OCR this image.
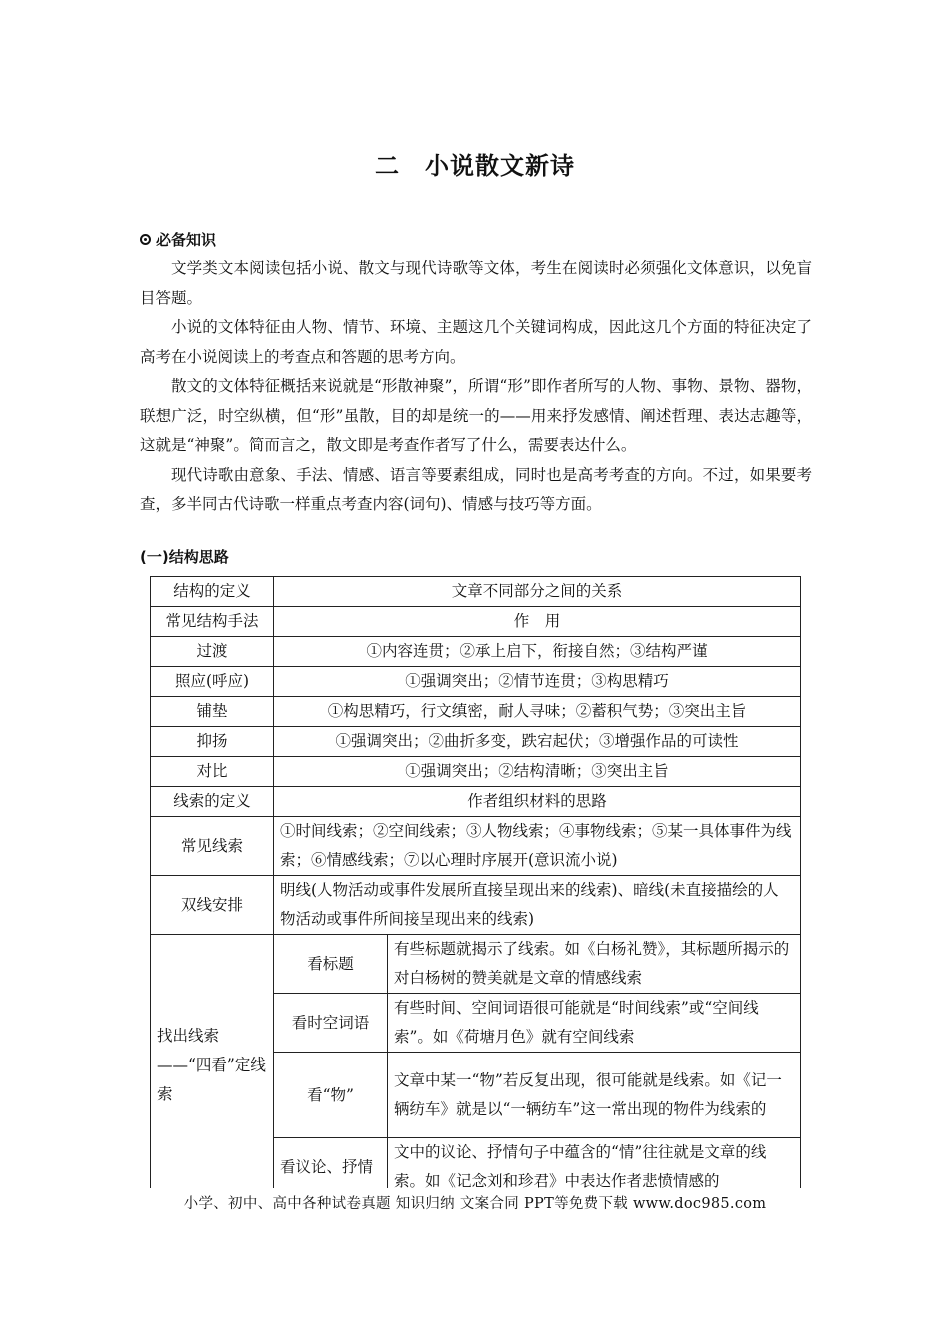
二　小说散文新诗
必备知识

文学类文本阅读包括小说、散文与现代诗歌等文体，考生在阅读时必须强化文体意识，以免盲目答题。

小说的文体特征由人物、情节、环境、主题这几个关键词构成，因此这几个方面的特征决定了高考在小说阅读上的考查点和答题的思考方向。

散文的文体特征概括来说就是“形散神聚”，所谓“形”即作者所写的人物、事物、景物、器物，联想广泛，时空纵横，但“形”虽散，目的却是统一的——用来抒发感情、阐述哲理、表达志趣等，这就是“神聚”。简而言之，散文即是考查作者写了什么，需要表达什么。

现代诗歌由意象、手法、情感、语言等要素组成，同时也是高考考查的方向。不过，如果要考查，多半同古代诗歌一样重点考查内容(词句)、情感与技巧等方面。

(一)结构思路
结构的定义	文章不同部分之间的关系	
常见结构手法	作　用	
过渡	①内容连贯；②承上启下，衔接自然；③结构严谨	
照应(呼应)	①强调突出；②情节连贯；③构思精巧	
铺垫	①构思精巧，行文缜密，耐人寻味；②蓄积气势；③突出主旨	
抑扬	①强调突出；②曲折多变，跌宕起伏；③增强作品的可读性	
对比	①强调突出；②结构清晰；③突出主旨	
线索的定义	作者组织材料的思路	
常见线索	①时间线索；②空间线索；③人物线索；④事物线索；⑤某一具体事件为线索；⑥情感线索；⑦以心理时序展开(意识流小说)	
双线安排	明线(人物活动或事件发展所直接呈现出来的线索)、暗线(未直接描绘的人物活动或事件所间接呈现出来的线索)	
找出线索——“四看”定线索	看标题	有些标题就揭示了线索。如《白杨礼赞》，其标题所揭示的对白杨树的赞美就是文章的情感线索
	看时空词语	有些时间、空间词语很可能就是“时间线索”或“空间线索”。如《荷塘月色》就有空间线索
	看“物”	文章中某一“物”若反复出现，很可能就是线索。如《记一辆纺车》就是以“一辆纺车”这一常出现的物件为线索的
	看议论、抒情	文中的议论、抒情句子中蕴含的“情”往往就是文章的线索。如《记念刘和珍君》中表达作者悲愤情感的
小学、初中、高中各种试卷真题 知识归纳 文案合同 PPT等免费下载 www.doc985.com
